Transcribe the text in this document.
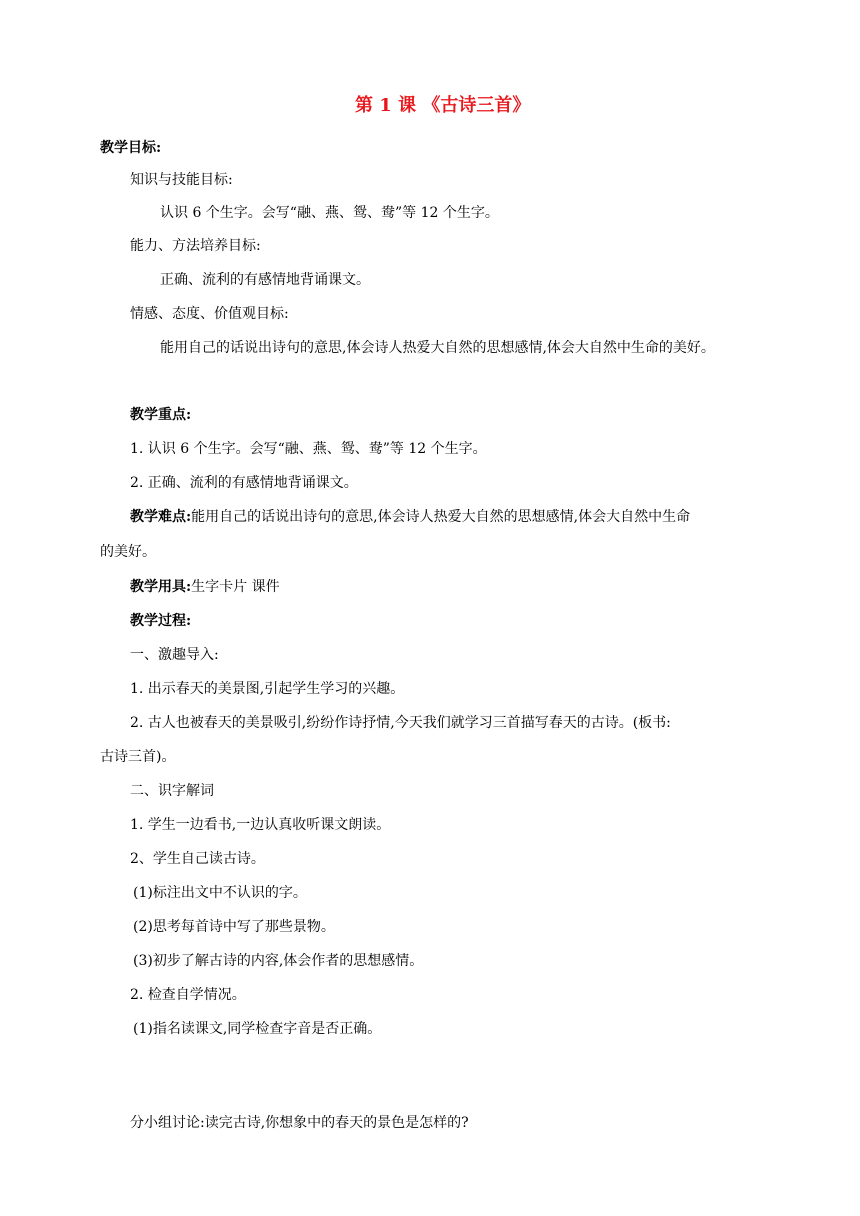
第 1 课 《古诗三首》
教学目标:
知识与技能目标:
认识 6 个生字。会写“融、燕、鸳、鸯”等 12 个生字。
能力、方法培养目标:
正确、流利的有感情地背诵课文。
情感、态度、价值观目标:
能用自己的话说出诗句的意思,体会诗人热爱大自然的思想感情,体会大自然中生命的美好。
教学重点:
1. 认识 6 个生字。会写“融、燕、鸳、鸯”等 12 个生字。
2. 正确、流利的有感情地背诵课文。
教学难点:能用自己的话说出诗句的意思,体会诗人热爱大自然的思想感情,体会大自然中生命
的美好。
教学用具:生字卡片 课件
教学过程:
一、激趣导入:
1. 出示春天的美景图,引起学生学习的兴趣。
2. 古人也被春天的美景吸引,纷纷作诗抒情,今天我们就学习三首描写春天的古诗。(板书:
古诗三首)。
二、识字解词
1. 学生一边看书,一边认真收听课文朗读。
2、学生自己读古诗。
(1)标注出文中不认识的字。
(2)思考每首诗中写了那些景物。
(3)初步了解古诗的内容,体会作者的思想感情。
2. 检查自学情况。
(1)指名读课文,同学检查字音是否正确。
分小组讨论:读完古诗,你想象中的春天的景色是怎样的?
